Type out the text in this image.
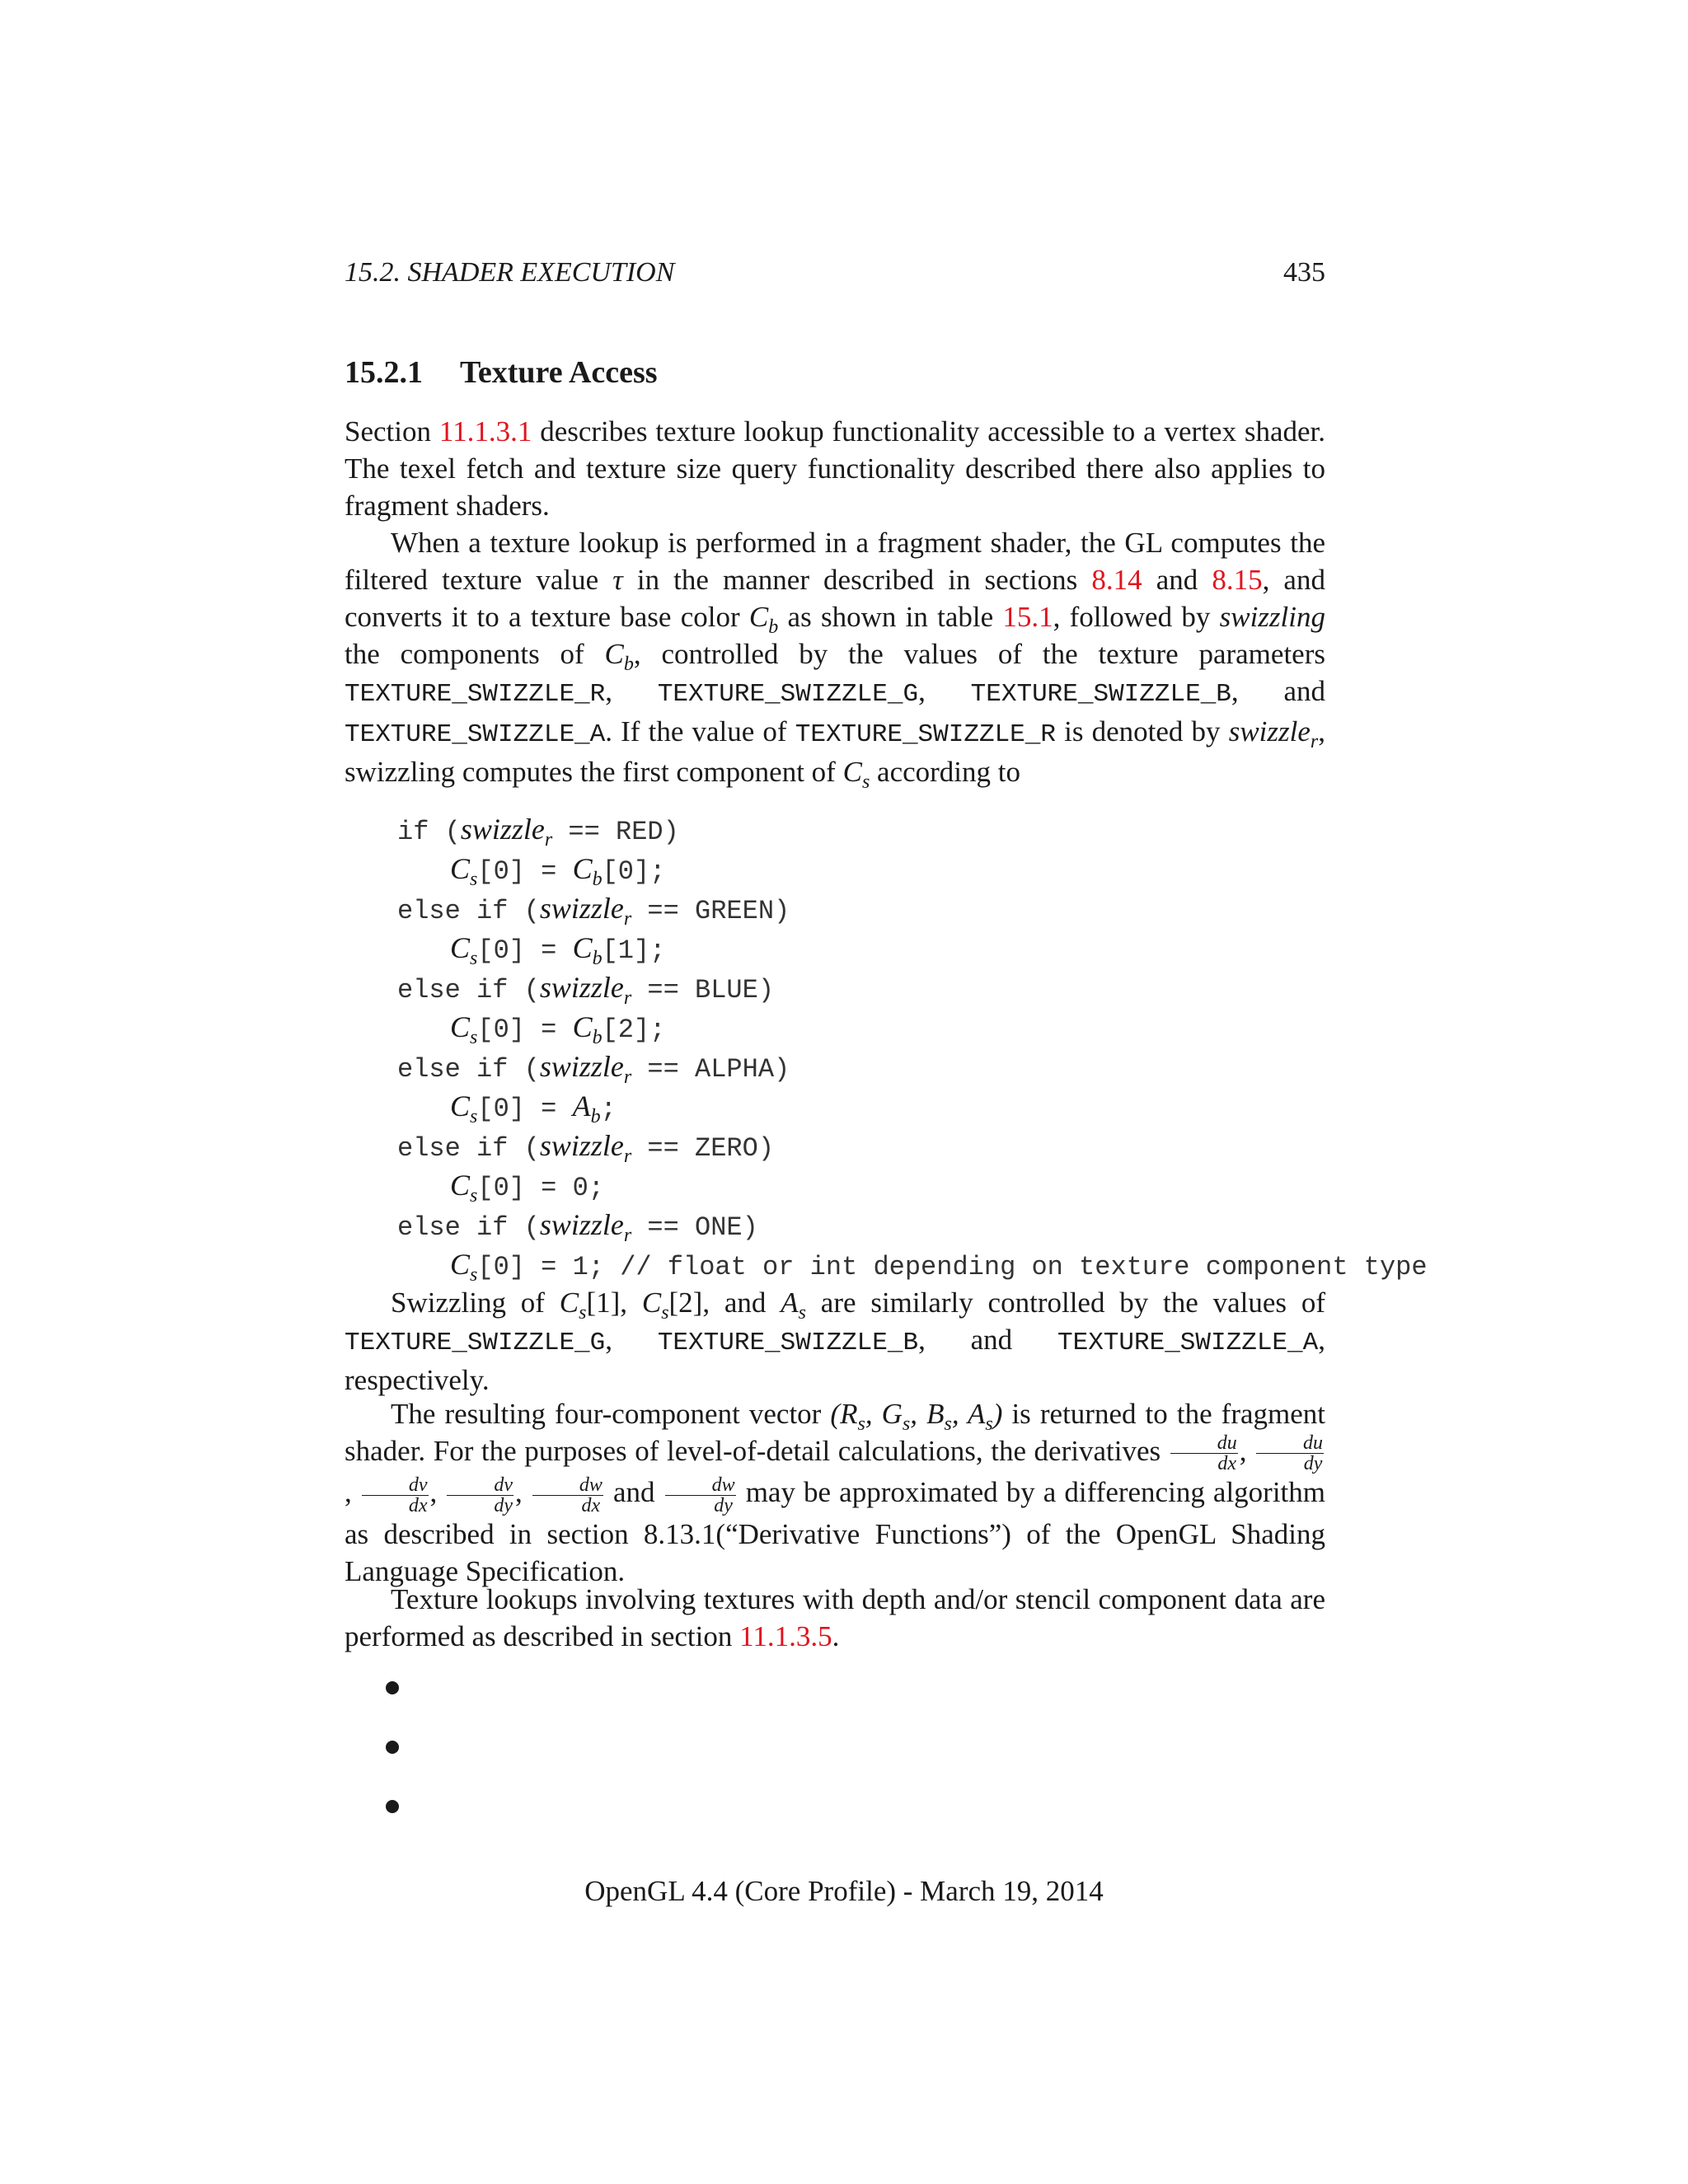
15.2. SHADER EXECUTION	435
15.2.1 Texture Access

Section 11.1.3.1 describes texture lookup functionality accessible to a vertex shader. The texel fetch and texture size query functionality described there also applies to fragment shaders.

When a texture lookup is performed in a fragment shader, the GL computes the filtered texture value τ in the manner described in sections 8.14 and 8.15, and converts it to a texture base color $C_b$ as shown in table 15.1, followed by swizzling the components of $C_b$, controlled by the values of the texture parameters TEXTURE_SWIZZLE_R, TEXTURE_SWIZZLE_G, TEXTURE_SWIZZLE_B, and TEXTURE_SWIZZLE_A. If the value of TEXTURE_SWIZZLE_R is denoted by swizzle$_r$, swizzling computes the first component of $C_s$ according to

if (swizzle$_r$ == RED)
$C_s[0] = C_b[0]$;
else if (swizzle$_r$ == GREEN)
$C_s[0] = C_b[1]$;
else if (swizzle$_r$ == BLUE)
$C_s[0] = C_b[2]$;
else if (swizzle$_r$ == ALPHA)
$C_s[0] = A_b$;
else if (swizzle$_r$ == ZERO)
$C_s[0] = 0$;
else if (swizzle$_r$ == ONE)
$C_s[0] = 1$; // float or int depending on texture component type

Swizzling of $C_s[1]$, $C_s[2]$, and $A_s$ are similarly controlled by the values of TEXTURE_SWIZZLE_G, TEXTURE_SWIZZLE_B, and TEXTURE_SWIZZLE_A, respectively.

The resulting four-component vector ($R_s$, $G_s$, $B_s$, $A_s$) is returned to the fragment shader. For the purposes of level-of-detail calculations, the derivatives $\frac{du}{dx}$ , $\frac{du}{dy}$
, $\frac{dv}{dx}$ , $\frac{dv}{dy}$ , $\frac{dw}{dx}$ and $\frac{dw}{dy}$ may be approximated by a differencing algorithm as described in section 8.13.1(“Derivative Functions”) of the OpenGL Shading Language Specification.

Texture lookups involving textures with depth and/or stencil component data are performed as described in section 11.1.3.5.

OpenGL 4.4 (Core Profile) - March 19, 2014
